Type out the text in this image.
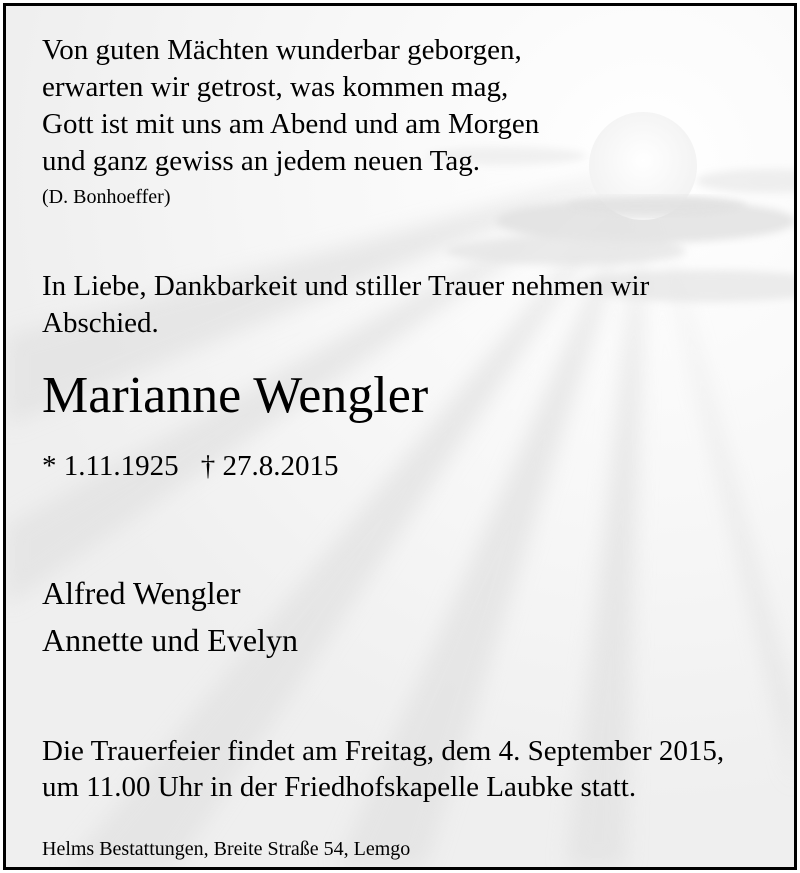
Von guten Mächten wunderbar geborgen,
erwarten wir getrost, was kommen mag,
Gott ist mit uns am Abend und am Morgen
und ganz gewiss an jedem neuen Tag.
(D. Bonhoeffer)
In Liebe, Dankbarkeit und stiller Trauer nehmen wir
Abschied.
Marianne Wengler
* 1.11.1925 † 27.8.2015
Alfred Wengler
Annette und Evelyn
Die Trauerfeier findet am Freitag, dem 4. September 2015,
um 11.00 Uhr in der Friedhofskapelle Laubke statt.
Helms Bestattungen, Breite Straße 54, Lemgo
